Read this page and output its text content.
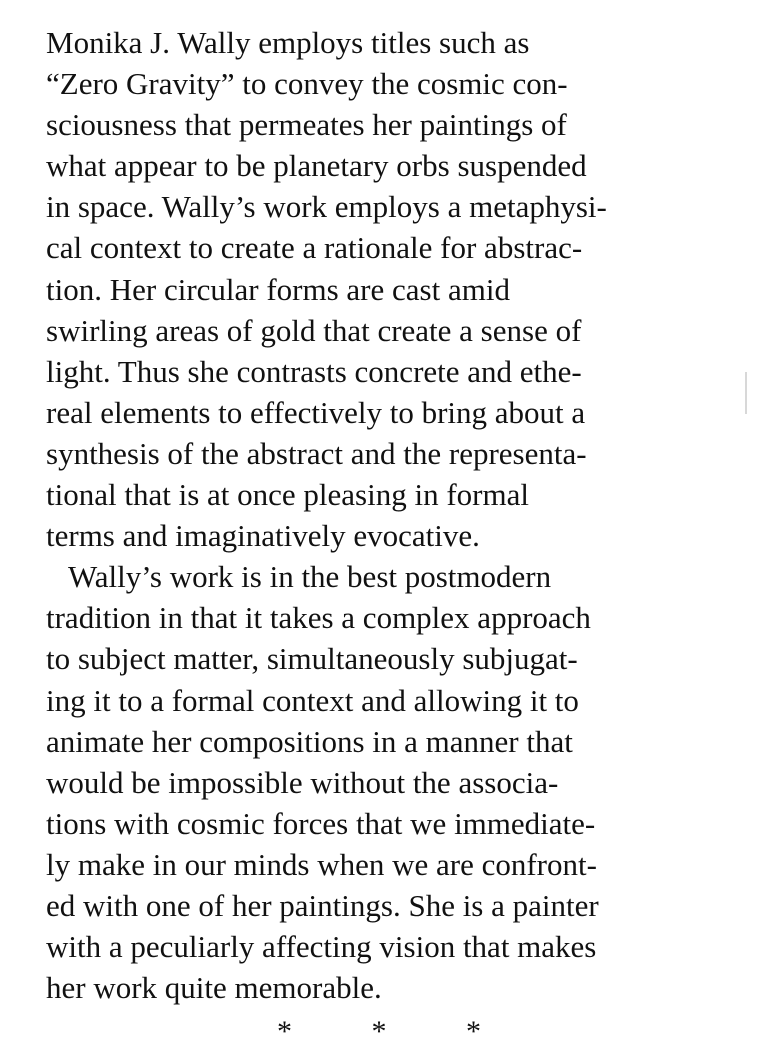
Monika J. Wally employs titles such as
“Zero Gravity” to convey the cosmic con-
sciousness that permeates her paintings of
what appear to be planetary orbs suspended
in space. Wally’s work employs a metaphysi-
cal context to create a rationale for abstrac-
tion. Her circular forms are cast amid
swirling areas of gold that create a sense of
light. Thus she contrasts concrete and ethe-
real elements to effectively to bring about a
synthesis of the abstract and the representa-
tional that is at once pleasing in formal
terms and imaginatively evocative.
Wally’s work is in the best postmodern
tradition in that it takes a complex approach
to subject matter, simultaneously subjugat-
ing it to a formal context and allowing it to
animate her compositions in a manner that
would be impossible without the associa-
tions with cosmic forces that we immediate-
ly make in our minds when we are confront-
ed with one of her paintings. She is a painter
with a peculiarly affecting vision that makes
her work quite memorable.
* * *
